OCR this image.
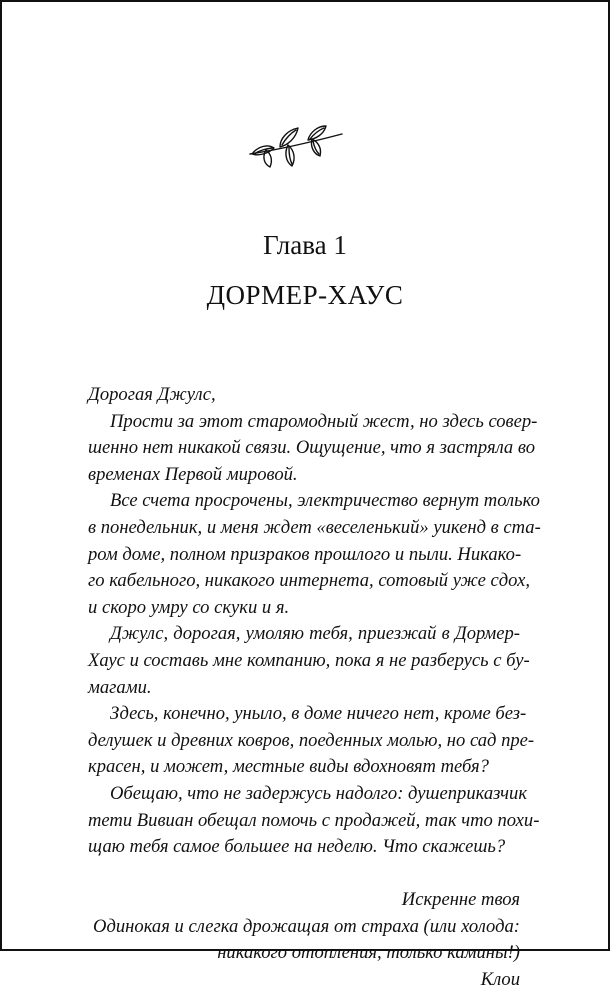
Глава 1
ДОРМЕР-ХАУС
Дорогая Джулс,
Прости за этот старомодный жест, но здесь совер-
шенно нет никакой связи. Ощущение, что я застряла во
временах Первой мировой.
Все счета просрочены, электричество вернут только
в понедельник, и меня ждет «веселенький» уикенд в ста-
ром доме, полном призраков прошлого и пыли. Никако-
го кабельного, никакого интернета, сотовый уже сдох,
и скоро умру со скуки и я.
Джулс, дорогая, умоляю тебя, приезжай в Дормер-
Хаус и составь мне компанию, пока я не разберусь с бу-
магами.
Здесь, конечно, уныло, в доме ничего нет, кроме без-
делушек и древних ковров, поеденных молью, но сад пре-
красен, и может, местные виды вдохновят тебя?
Обещаю, что не задержусь надолго: душеприказчик
тети Вивиан обещал помочь с продажей, так что похи-
щаю тебя самое большее на неделю. Что скажешь?
Искренне твоя
Одинокая и слегка дрожащая от страха (или холода:
никакого отопления, только камины!)
Клои
